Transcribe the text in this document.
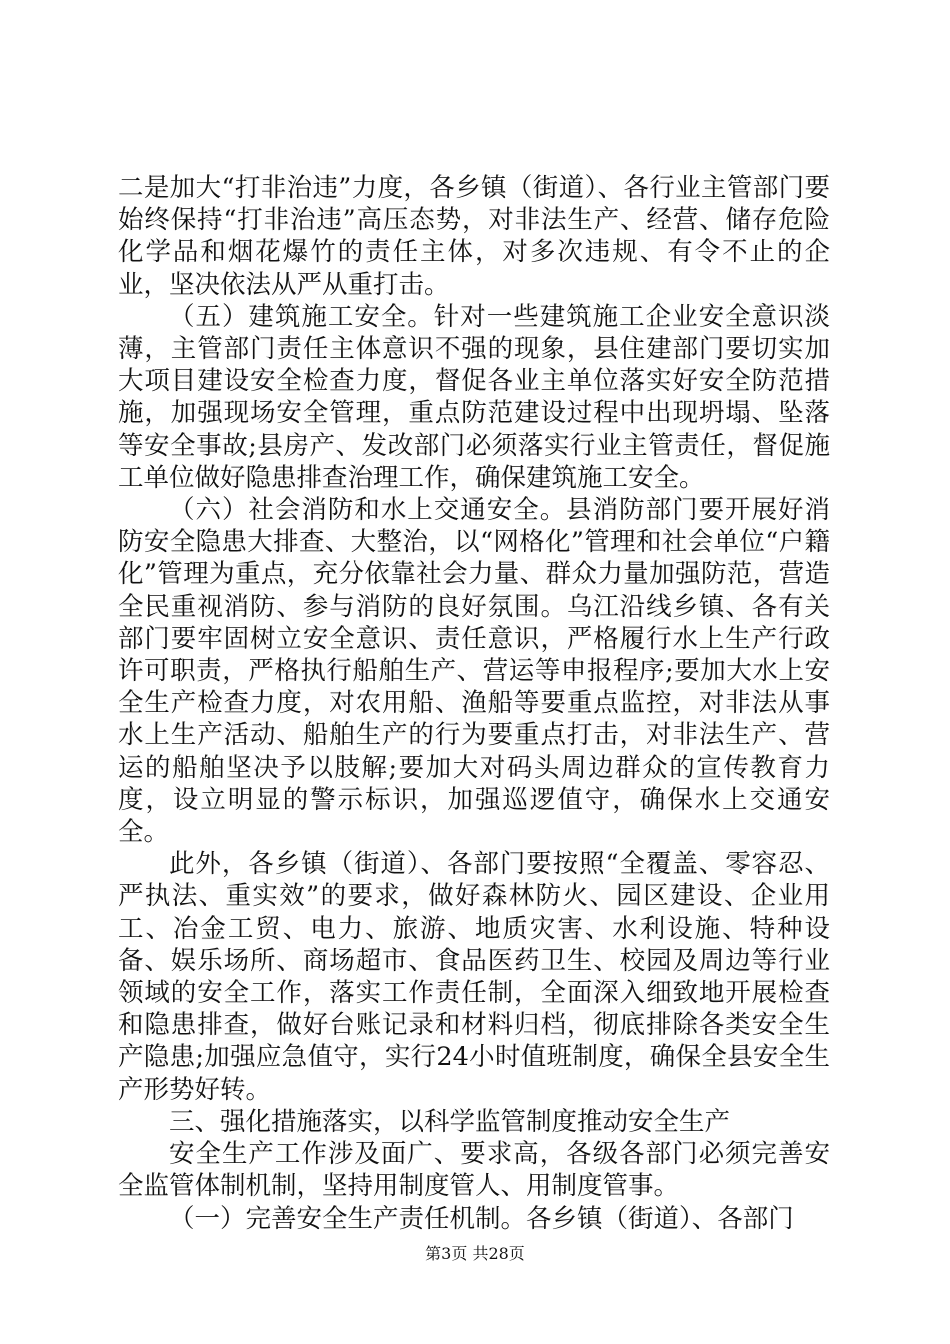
二是加大“打非治违”力度，各乡镇（街道）、各行业主管部门要始终保持“打非治违”高压态势，对非法生产、经营、储存危险化学品和烟花爆竹的责任主体，对多次违规、有令不止的企业，坚决依法从严从重打击。

（五）建筑施工安全。针对一些建筑施工企业安全意识淡薄，主管部门责任主体意识不强的现象，县住建部门要切实加大项目建设安全检查力度，督促各业主单位落实好安全防范措施，加强现场安全管理，重点防范建设过程中出现坍塌、坠落等安全事故;县房产、发改部门必须落实行业主管责任，督促施工单位做好隐患排查治理工作，确保建筑施工安全。

（六）社会消防和水上交通安全。县消防部门要开展好消防安全隐患大排查、大整治，以“网格化”管理和社会单位“户籍化”管理为重点，充分依靠社会力量、群众力量加强防范，营造全民重视消防、参与消防的良好氛围。乌江沿线乡镇、各有关部门要牢固树立安全意识、责任意识，严格履行水上生产行政许可职责，严格执行船舶生产、营运等申报程序;要加大水上安全生产检查力度，对农用船、渔船等要重点监控，对非法从事水上生产活动、船舶生产的行为要重点打击，对非法生产、营运的船舶坚决予以肢解;要加大对码头周边群众的宣传教育力度，设立明显的警示标识，加强巡逻值守，确保水上交通安全。

此外，各乡镇（街道）、各部门要按照“全覆盖、零容忍、严执法、重实效”的要求，做好森林防火、园区建设、企业用工、冶金工贸、电力、旅游、地质灾害、水利设施、特种设备、娱乐场所、商场超市、食品医药卫生、校园及周边等行业领域的安全工作，落实工作责任制，全面深入细致地开展检查和隐患排查，做好台账记录和材料归档，彻底排除各类安全生产隐患;加强应急值守，实行24小时值班制度，确保全县安全生产形势好转。

三、强化措施落实，以科学监管制度推动安全生产

安全生产工作涉及面广、要求高，各级各部门必须完善安全监管体制机制，坚持用制度管人、用制度管事。

（一）完善安全生产责任机制。各乡镇（街道）、各部门

第3页 共28页
